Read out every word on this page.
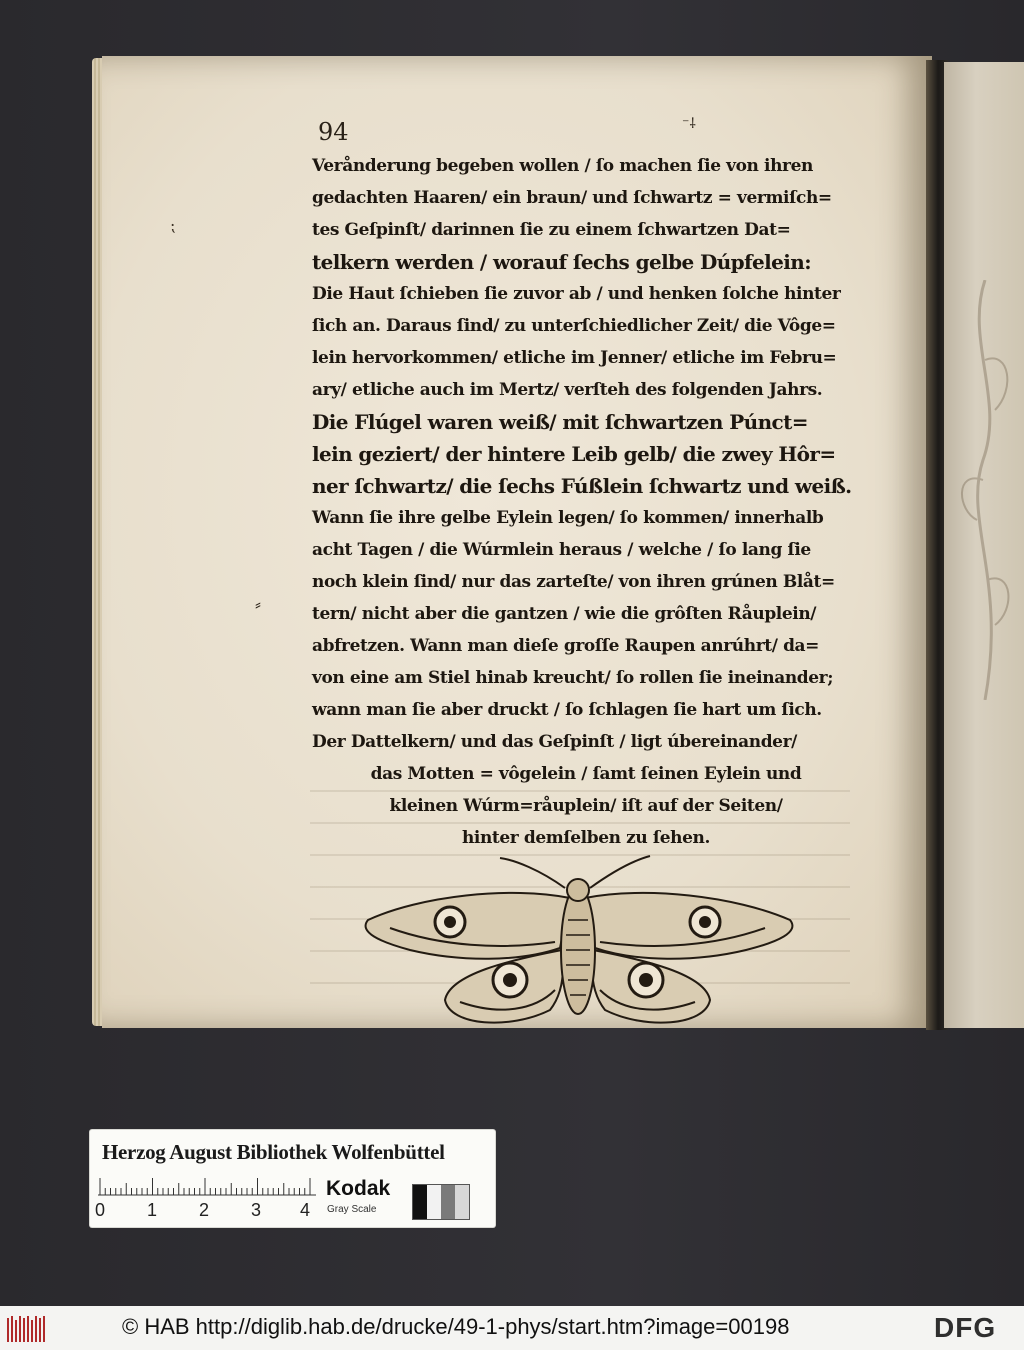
94	⁻⸸
⁏
⸗
Verånderung begeben wollen / ſo machen ſie von ihren
gedachten Haaren/ ein braun/ und ſchwartz = vermiſch=
tes Geſpinſt/ darinnen ſie zu einem ſchwartzen Dat=
telkern werden / worauf ſechs gelbe Dúpfelein:
Die Haut ſchieben ſie zuvor ab / und henken ſolche hinter
ſich an. Daraus ſind/ zu unterſchiedlicher Zeit/ die Vôge=
lein hervorkommen/ etliche im Jenner/ etliche im Febru=
ary/ etliche auch im Mertz/ verſteh des folgenden Jahrs.
Die Flúgel waren weiß/ mit ſchwartzen Púnct=
lein geziert/ der hintere Leib gelb/ die zwey Hôr=
ner ſchwartz/ die ſechs Fúßlein ſchwartz und weiß.
Wann ſie ihre gelbe Eylein legen/ ſo kommen/ innerhalb
acht Tagen / die Wúrmlein heraus / welche / ſo lang ſie
noch klein ſind/ nur das zarteſte/ von ihren grúnen Blåt=
tern/ nicht aber die gantzen / wie die grôſten Råuplein/
abfretzen. Wann man dieſe groſſe Raupen anrúhrt/ da=
von eine am Stiel hinab kreucht/ ſo rollen ſie ineinander;
wann man ſie aber druckt / ſo ſchlagen ſie hart um ſich.
Der Dattelkern/ und das Geſpinſt / ligt úbereinander/
das Motten = vôgelein / ſamt ſeinen Eylein und
kleinen Wúrm=råuplein/ iſt auf der Seiten/
hinter demſelben zu ſehen.
Herzog August Bibliothek Wolfenbüttel
0 1 2 3 4
Kodak
Gray Scale
© HAB http://diglib.hab.de/drucke/49-1-phys/start.htm?image=00198	DFG
